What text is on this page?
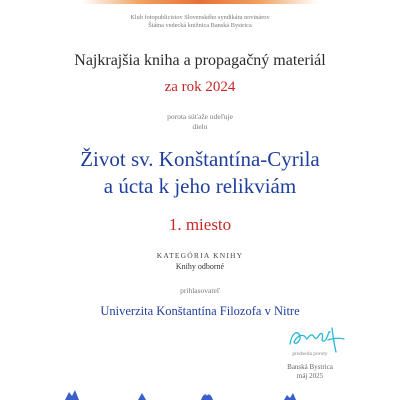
Klub fotopublicistov Slovenského syndikátu novinárov
Štátna vedecká knižnica Banská Bystrica
Najkrajšia kniha a propagačný materiál
za rok 2024
porota súťaže udeľuje
dielu
Život sv. Konštantína-Cyrila
a úcta k jeho relikviám
1. miesto
KATEGÓRIA KNIHY
Knihy odborné
prihlasovateľ
Univerzita Konštantína Filozofa v Nitre
predseda poroty
Banská Bystrica
máj 2025
